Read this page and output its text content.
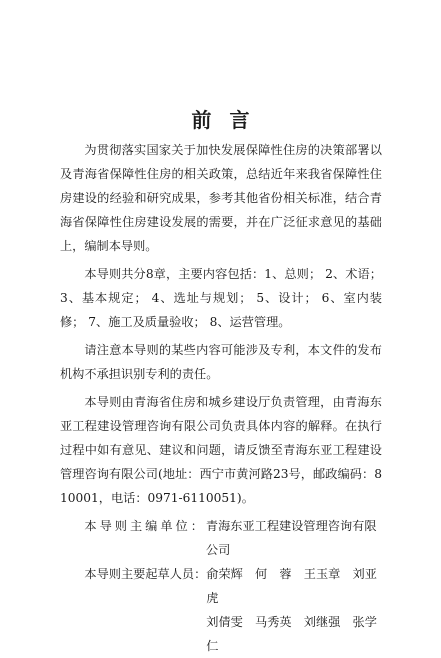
前言

为贯彻落实国家关于加快发展保障性住房的决策部署以及青海省保障性住房的相关政策，总结近年来我省保障性住房建设的经验和研究成果，参考其他省份相关标准，结合青海省保障性住房建设发展的需要，并在广泛征求意见的基础上，编制本导则。

本导则共分8章，主要内容包括：1、总则； 2、术语； 3、基本规定； 4、选址与规划； 5、设计； 6、室内装修； 7、施工及质量验收； 8、运营管理。

请注意本导则的某些内容可能涉及专利，本文件的发布机构不承担识别专利的责任。

本导则由青海省住房和城乡建设厅负责管理，由青海东亚工程建设管理咨询有限公司负责具体内容的解释。在执行过程中如有意见、建议和问题，请反馈至青海东亚工程建设管理咨询有限公司(地址：西宁市黄河路23号，邮政编码：810001，电话：0971-6110051)。

本导则主编单位： 青海东亚工程建设管理咨询有限
公司
本导则主要起草人员： 俞荣辉　何　蓉　王玉章　刘亚虎
刘倩雯　马秀英　刘继强　张学仁
